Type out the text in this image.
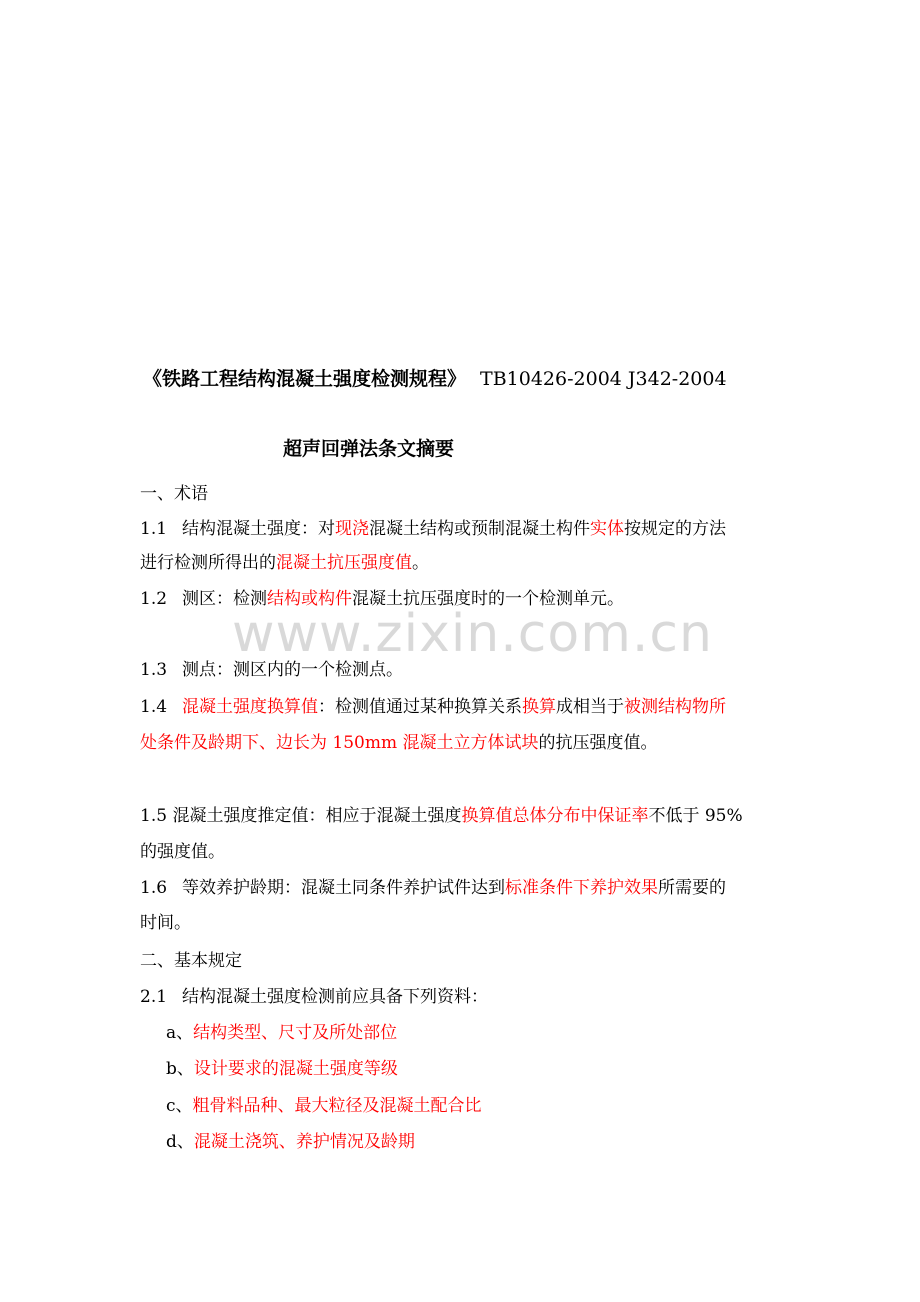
《铁路工程结构混凝土强度检测规程》 TB10426-2004 J342-2004
超声回弹法条文摘要
www.zixin.com.cn
一、术语
1.1 结构混凝土强度：对现浇混凝土结构或预制混凝土构件实体按规定的方法
进行检测所得出的混凝土抗压强度值。
1.2 测区：检测结构或构件混凝土抗压强度时的一个检测单元。
1.3 测点：测区内的一个检测点。
1.4 混凝土强度换算值：检测值通过某种换算关系换算成相当于被测结构物所
处条件及龄期下、边长为 150mm 混凝土立方体试块的抗压强度值。
1.5 混凝土强度推定值：相应于混凝土强度换算值总体分布中保证率不低于 95%
的强度值。
1.6 等效养护龄期：混凝土同条件养护试件达到标准条件下养护效果所需要的
时间。
二、基本规定
2.1 结构混凝土强度检测前应具备下列资料：
a、结构类型、尺寸及所处部位
b、设计要求的混凝土强度等级
c、粗骨料品种、最大粒径及混凝土配合比
d、混凝土浇筑、养护情况及龄期
